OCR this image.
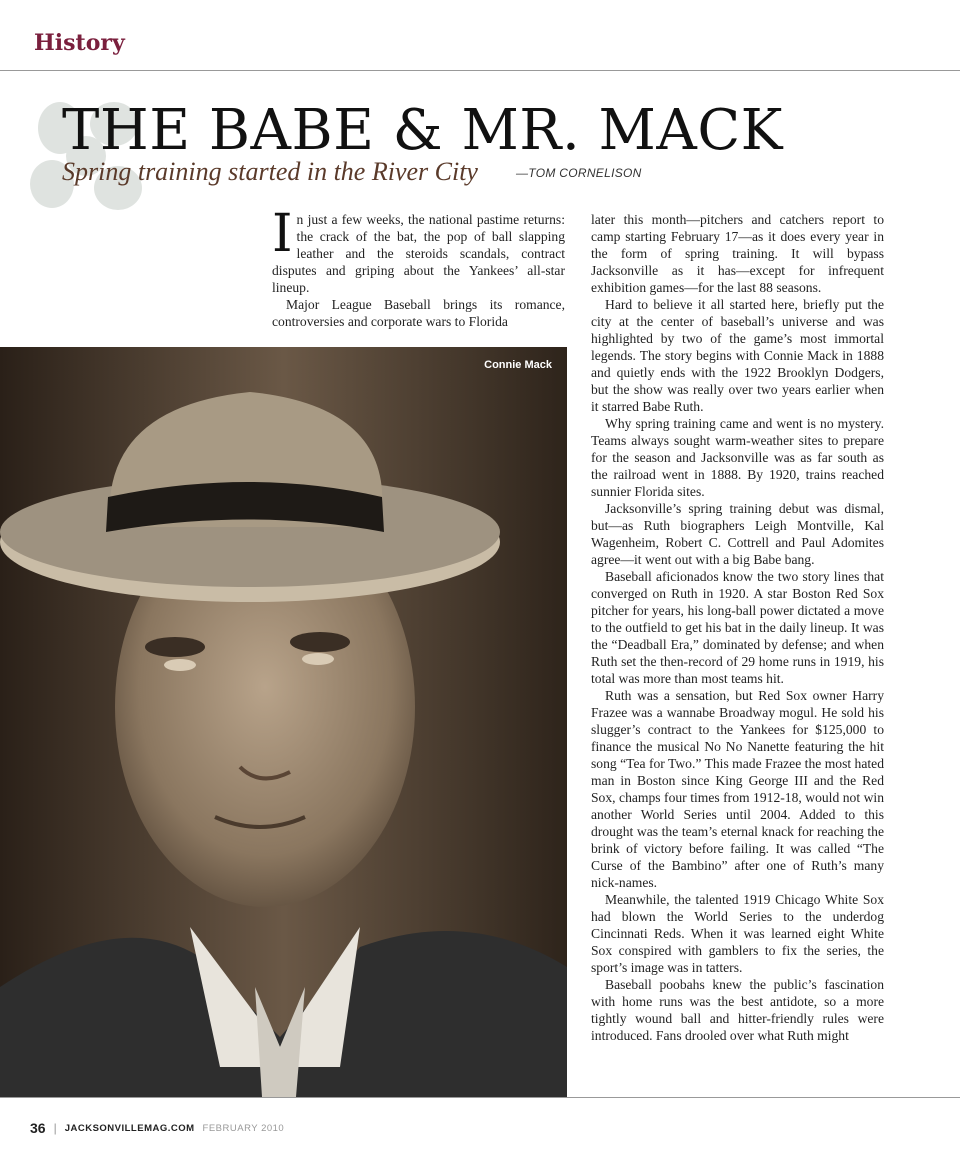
History
THE BABE & MR. MACK
Spring training started in the River City	—TOM CORNELISON

In just a few weeks, the national pastime returns: the crack of the bat, the pop of ball slapping leather and the steroids scandals, contract disputes and griping about the Yankees’ all-star lineup.

Major League Baseball brings its romance, controversies and corporate wars to Florida

Connie Mack

later this month—pitchers and catchers report to camp starting February 17—as it does every year in the form of spring training. It will bypass Jacksonville as it has—except for infrequent exhibition games—for the last 88 seasons.

Hard to believe it all started here, briefly put the city at the center of baseball’s universe and was highlighted by two of the game’s most immortal legends. The story begins with Connie Mack in 1888 and quietly ends with the 1922 Brooklyn Dodgers, but the show was really over two years earlier when it starred Babe Ruth.

Why spring training came and went is no mystery. Teams always sought warm-weather sites to prepare for the season and Jacksonville was as far south as the railroad went in 1888. By 1920, trains reached sunnier Florida sites.

Jacksonville’s spring training debut was dismal, but—as Ruth biographers Leigh Montville, Kal Wagenheim, Robert C. Cottrell and Paul Adomites agree—it went out with a big Babe bang.

Baseball aficionados know the two story lines that converged on Ruth in 1920. A star Boston Red Sox pitcher for years, his long-ball power dictated a move to the outfield to get his bat in the daily lineup. It was the “Deadball Era,” dominated by defense; and when Ruth set the then-record of 29 home runs in 1919, his total was more than most teams hit.

Ruth was a sensation, but Red Sox owner Harry Frazee was a wannabe Broadway mogul. He sold his slugger’s contract to the Yankees for $125,000 to finance the musical No No Nanette featuring the hit song “Tea for Two.” This made Frazee the most hated man in Boston since King George III and the Red Sox, champs four times from 1912-18, would not win another World Series until 2004. Added to this drought was the team’s eternal knack for reaching the brink of victory before failing. It was called “The Curse of the Bambino” after one of Ruth’s many nick-names.

Meanwhile, the talented 1919 Chicago White Sox had blown the World Series to the underdog Cincinnati Reds. When it was learned eight White Sox conspired with gamblers to fix the series, the sport’s image was in tatters.

Baseball poobahs knew the public’s fascination with home runs was the best antidote, so a more tightly wound ball and hitter-friendly rules were introduced. Fans drooled over what Ruth might

36 | JACKSONVILLEMAG.COM FEBRUARY 2010
